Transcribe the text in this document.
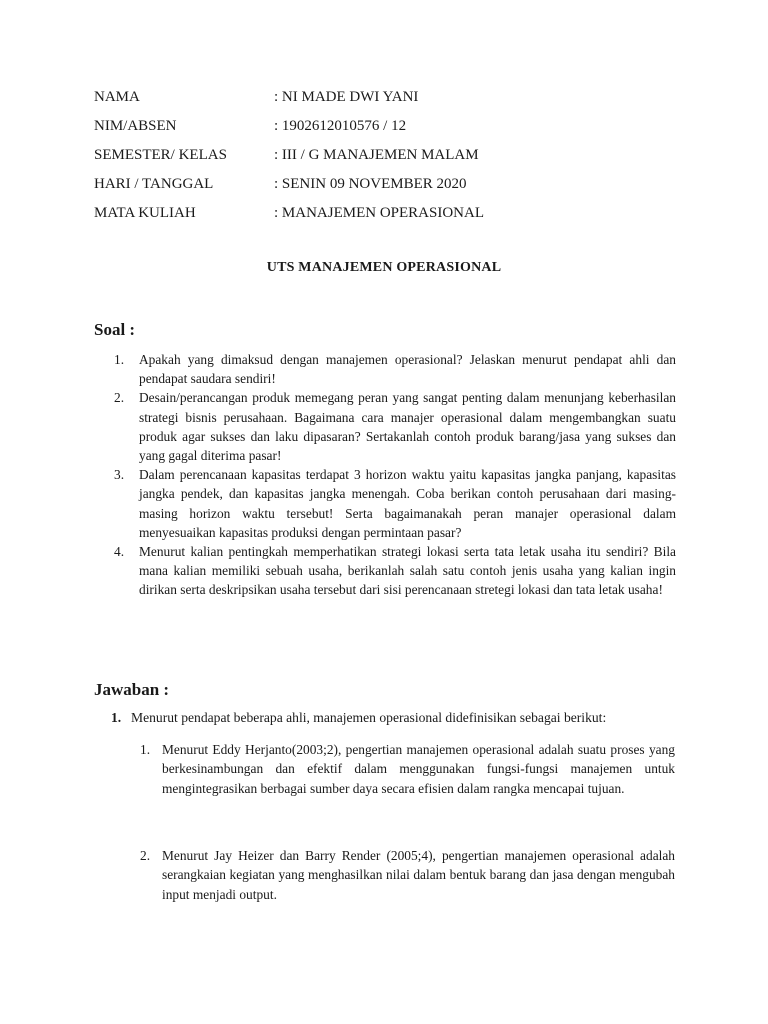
NAMA	: NI MADE DWI YANI
NIM/ABSEN	: 1902612010576 / 12
SEMESTER/ KELAS	: III / G MANAJEMEN MALAM
HARI / TANGGAL	: SENIN 09 NOVEMBER 2020
MATA KULIAH	: MANAJEMEN OPERASIONAL
UTS MANAJEMEN OPERASIONAL
Soal :
1.	Apakah yang dimaksud dengan manajemen operasional? Jelaskan menurut pendapat ahli dan pendapat saudara sendiri!
2.	Desain/perancangan produk memegang peran yang sangat penting dalam menunjang keberhasilan strategi bisnis perusahaan. Bagaimana cara manajer operasional dalam mengembangkan suatu produk agar sukses dan laku dipasaran? Sertakanlah contoh produk barang/jasa yang sukses dan yang gagal diterima pasar!
3.	Dalam perencanaan kapasitas terdapat 3 horizon waktu yaitu kapasitas jangka panjang, kapasitas jangka pendek, dan kapasitas jangka menengah. Coba berikan contoh perusahaan dari masing-masing horizon waktu tersebut! Serta bagaimanakah peran manajer operasional dalam menyesuaikan kapasitas produksi dengan permintaan pasar?
4.	Menurut kalian pentingkah memperhatikan strategi lokasi serta tata letak usaha itu sendiri? Bila mana kalian memiliki sebuah usaha, berikanlah salah satu contoh jenis usaha yang kalian ingin dirikan serta deskripsikan usaha tersebut dari sisi perencanaan stretegi lokasi dan tata letak usaha!
Jawaban :
1. Menurut pendapat beberapa ahli, manajemen operasional didefinisikan sebagai berikut:
1. Menurut Eddy Herjanto(2003;2), pengertian manajemen operasional adalah suatu proses yang berkesinambungan dan efektif dalam menggunakan fungsi-fungsi manajemen untuk mengintegrasikan berbagai sumber daya secara efisien dalam rangka mencapai tujuan.
2. Menurut Jay Heizer dan Barry Render (2005;4), pengertian manajemen operasional adalah serangkaian kegiatan yang menghasilkan nilai dalam bentuk barang dan jasa dengan mengubah input menjadi output.
